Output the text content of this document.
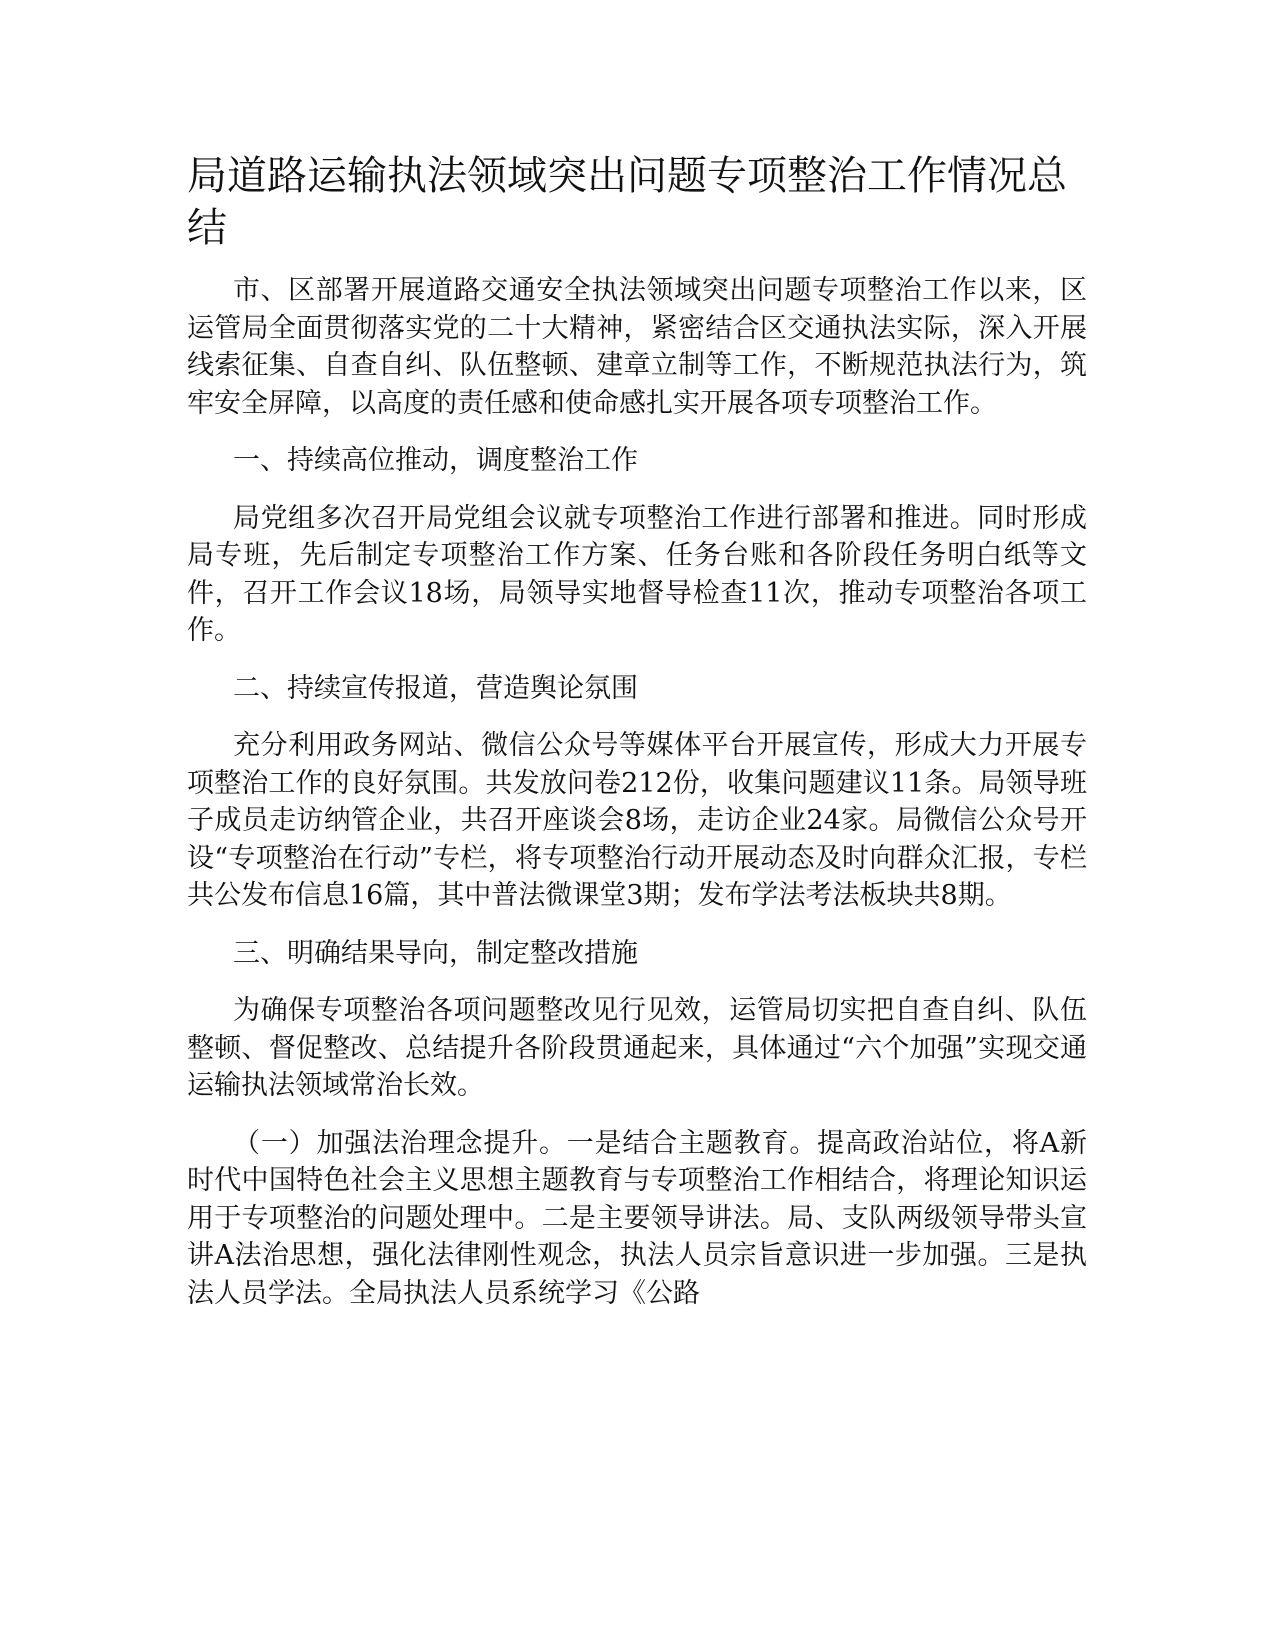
局道路运输执法领域突出问题专项整治工作情况总结

市、区部署开展道路交通安全执法领域突出问题专项整治工作以来，区运管局全面贯彻落实党的二十大精神，紧密结合区交通执法实际，深入开展线索征集、自查自纠、队伍整顿、建章立制等工作，不断规范执法行为，筑牢安全屏障，以高度的责任感和使命感扎实开展各项专项整治工作。

一、持续高位推动，调度整治工作

局党组多次召开局党组会议就专项整治工作进行部署和推进。同时形成局专班，先后制定专项整治工作方案、任务台账和各阶段任务明白纸等文件，召开工作会议18场，局领导实地督导检查11次，推动专项整治各项工作。

二、持续宣传报道，营造舆论氛围

充分利用政务网站、微信公众号等媒体平台开展宣传，形成大力开展专项整治工作的良好氛围。共发放问卷212份，收集问题建议11条。局领导班子成员走访纳管企业，共召开座谈会8场，走访企业24家。局微信公众号开设“专项整治在行动”专栏，将专项整治行动开展动态及时向群众汇报，专栏共公发布信息16篇，其中普法微课堂3期；发布学法考法板块共8期。

三、明确结果导向，制定整改措施

为确保专项整治各项问题整改见行见效，运管局切实把自查自纠、队伍整顿、督促整改、总结提升各阶段贯通起来，具体通过“六个加强”实现交通运输执法领域常治长效。

（一）加强法治理念提升。一是结合主题教育。提高政治站位，将A新时代中国特色社会主义思想主题教育与专项整治工作相结合，将理论知识运用于专项整治的问题处理中。二是主要领导讲法。局、支队两级领导带头宣讲A法治思想，强化法律刚性观念，执法人员宗旨意识进一步加强。三是执法人员学法。全局执法人员系统学习《公路
